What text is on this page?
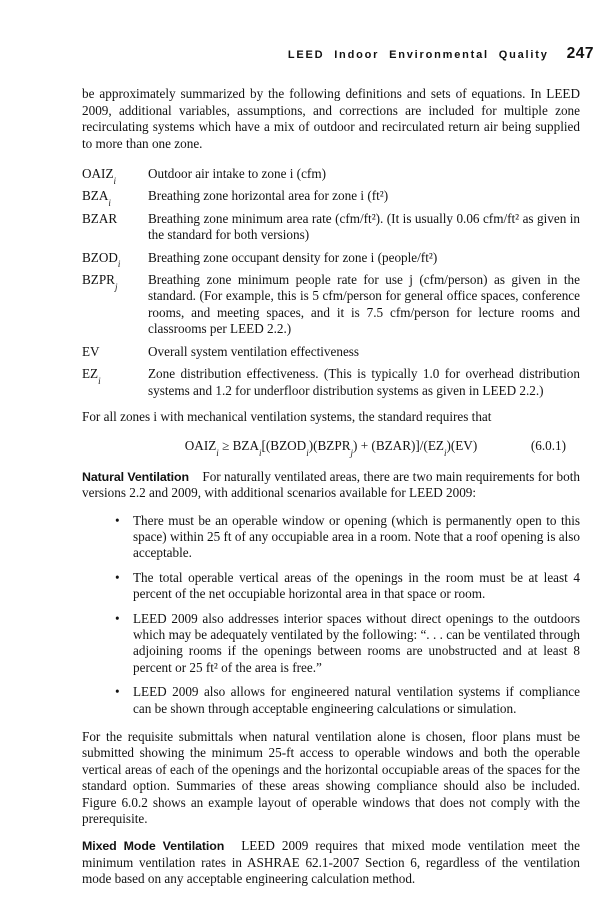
LEED Indoor Environmental Quality 247

be approximately summarized by the following definitions and sets of equations. In LEED 2009, additional variables, assumptions, and corrections are included for multiple zone recirculating systems which have a mix of outdoor and recirculated return air being supplied to more than one zone.

$OAIZ_i$	Outdoor air intake to zone i (cfm)
$BZA_i$	Breathing zone horizontal area for zone i (ft²)
BZAR	Breathing zone minimum area rate (cfm/ft²). (It is usually 0.06 cfm/ft² as given in the standard for both versions)
$BZOD_i$	Breathing zone occupant density for zone i (people/ft²)
$BZPR_j$	Breathing zone minimum people rate for use j (cfm/person) as given in the standard. (For example, this is 5 cfm/person for general office spaces, conference rooms, and meeting spaces, and it is 7.5 cfm/person for lecture rooms and classrooms per LEED 2.2.)
EV	Overall system ventilation effectiveness
$EZ_i$	Zone distribution effectiveness. (This is typically 1.0 for overhead distribution systems and 1.2 for underfloor distribution systems as given in LEED 2.2.)

For all zones i with mechanical ventilation systems, the standard requires that

$OAIZ_i$ ≥ $BZA_i[(BZOD_i)(BZPR_j)$ + $(BZAR)]/(EZ_i)(EV)$	(6.0.1)

Natural Ventilation For naturally ventilated areas, there are two main requirements for both versions 2.2 and 2009, with additional scenarios available for LEED 2009:

• There must be an operable window or opening (which is permanently open to this space) within 25 ft of any occupiable area in a room. Note that a roof opening is also acceptable.
• The total operable vertical areas of the openings in the room must be at least 4 percent of the net occupiable horizontal area in that space or room.
• LEED 2009 also addresses interior spaces without direct openings to the outdoors which may be adequately ventilated by the following: “. . . can be ventilated through adjoining rooms if the openings between rooms are unobstructed and at least 8 percent or 25 ft² of the area is free.”
• LEED 2009 also allows for engineered natural ventilation systems if compliance can be shown through acceptable engineering calculations or simulation.

For the requisite submittals when natural ventilation alone is chosen, floor plans must be submitted showing the minimum 25-ft access to operable windows and both the operable vertical areas of each of the openings and the horizontal occupiable areas of the spaces for the standard option. Summaries of these areas showing compliance should also be included. Figure 6.0.2 shows an example layout of operable windows that does not comply with the prerequisite.

Mixed Mode Ventilation LEED 2009 requires that mixed mode ventilation meet the minimum ventilation rates in ASHRAE 62.1-2007 Section 6, regardless of the ventilation mode based on any acceptable engineering calculation method.
